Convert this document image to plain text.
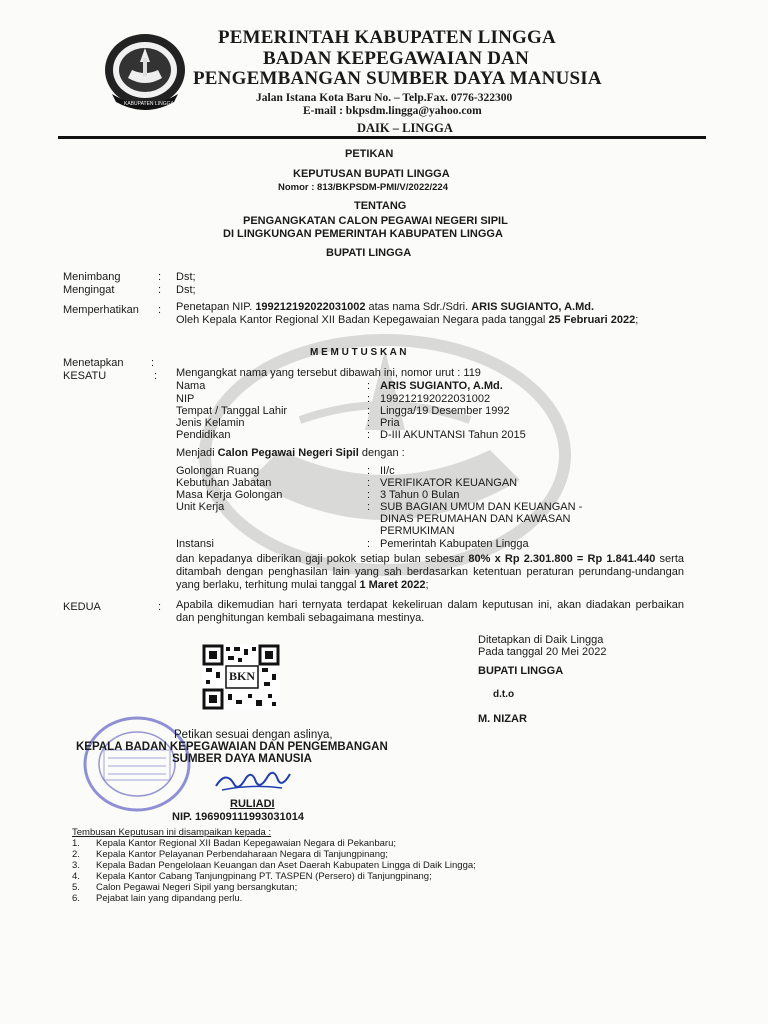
KABUPATEN LINGGA
PEMERINTAH KABUPATEN LINGGA
BADAN KEPEGAWAIAN DAN
PENGEMBANGAN SUMBER DAYA MANUSIA
Jalan Istana Kota Baru No. – Telp.Fax. 0776-322300
E-mail : bkpsdm.lingga@yahoo.com
DAIK – LINGGA
PETIKAN
KEPUTUSAN BUPATI LINGGA
Nomor : 813/BKPSDM-PMI/V/2022/224
TENTANG
PENGANGKATAN CALON PEGAWAI NEGERI SIPIL
DI LINGKUNGAN PEMERINTAH KABUPATEN LINGGA
BUPATI LINGGA
Menimbang	: Dst;
Mengingat	: Dst;
Memperhatikan : Penetapan NIP. 199212192022031002 atas nama Sdr./Sdri. ARIS SUGIANTO, A.Md.
Oleh Kepala Kantor Regional XII Badan Kepegawaian Negara pada tanggal 25 Februari 2022;
M E M U T U S K A N
Menetapkan :
KESATU	: Mengangkat nama yang tersebut dibawah ini, nomor urut : 119
Nama	: ARIS SUGIANTO, A.Md.
NIP	: 199212192022031002
Tempat / Tanggal Lahir	: Lingga/19 Desember 1992
Jenis Kelamin	: Pria
Pendidikan	: D-III AKUNTANSI Tahun 2015
Menjadi Calon Pegawai Negeri Sipil dengan :
Golongan Ruang	: II/c
Kebutuhan Jabatan	: VERIFIKATOR KEUANGAN
Masa Kerja Golongan	: 3 Tahun 0 Bulan
Unit Kerja	: SUB BAGIAN UMUM DAN KEUANGAN -
DINAS PERUMAHAN DAN KAWASAN
PERMUKIMAN
Instansi	: Pemerintah Kabupaten Lingga
dan kepadanya diberikan gaji pokok setiap bulan sebesar 80% x Rp 2.301.800 = Rp 1.841.440 serta ditambah dengan penghasilan lain yang sah berdasarkan ketentuan peraturan perundang-undangan yang berlaku, terhitung mulai tanggal 1 Maret 2022;
KEDUA	: Apabila dikemudian hari ternyata terdapat kekeliruan dalam keputusan ini, akan diadakan perbaikan dan penghitungan kembali sebagaimana mestinya.
BKN
Ditetapkan di Daik Lingga
Pada tanggal 20 Mei 2022
BUPATI LINGGA
d.t.o
M. NIZAR
Petikan sesuai dengan aslinya,
KEPALA BADAN KEPEGAWAIAN DAN PENGEMBANGAN
SUMBER DAYA MANUSIA
RULIADI
NIP. 196909111993031014
Tembusan Keputusan ini disampaikan kepada :
1. Kepala Kantor Regional XII Badan Kepegawaian Negara di Pekanbaru;
2. Kepala Kantor Pelayanan Perbendaharaan Negara di Tanjungpinang;
3. Kepala Badan Pengelolaan Keuangan dan Aset Daerah Kabupaten Lingga di Daik Lingga;
4. Kepala Kantor Cabang Tanjungpinang PT. TASPEN (Persero) di Tanjungpinang;
5. Calon Pegawai Negeri Sipil yang bersangkutan;
6. Pejabat lain yang dipandang perlu.
